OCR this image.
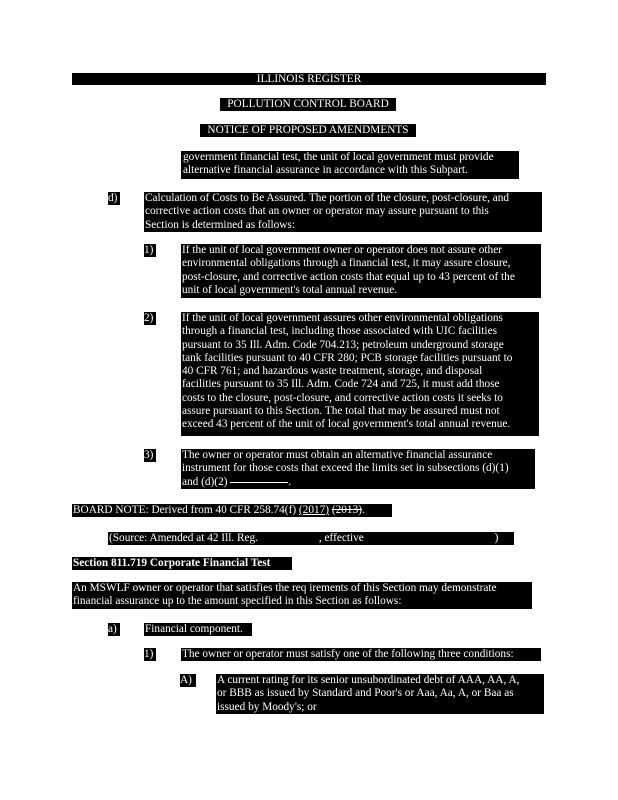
ILLINOIS REGISTER
POLLUTION CONTROL BOARD
NOTICE OF PROPOSED AMENDMENTS
government financial test, the unit of local government must provide
alternative financial assurance in accordance with this Subpart.
d) Calculation of Costs to Be Assured. The portion of the closure, post-closure, and
corrective action costs that an owner or operator may assure pursuant to this
Section is determined as follows:
1)	If the unit of local government owner or operator does not assure other
environmental obligations through a financial test, it may assure closure,
post-closure, and corrective action costs that equal up to 43 percent of the
unit of local government's total annual revenue.
2)	If the unit of local government assures other environmental obligations
through a financial test, including those associated with UIC facilities
pursuant to 35 Ill. Adm. Code 704.213; petroleum underground storage
tank facilities pursuant to 40 CFR 280; PCB storage facilities pursuant to
40 CFR 761; and hazardous waste treatment, storage, and disposal
facilities pursuant to 35 Ill. Adm. Code 724 and 725, it must add those
costs to the closure, post-closure, and corrective action costs it seeks to
assure pursuant to this Section. The total that may be assured must not
exceed 43 percent of the unit of local government's total annual revenue.
3)	The owner or operator must obtain an alternative financial assurance
instrument for those costs that exceed the limits set in subsections (d)(1)
and (d)(2)	.
BOARD NOTE: Derived from 40 CFR 258.74(f) (2017) (2013).
(Source: Amended at 42 Ill. Reg.	, effective	)
Section 811.719 Corporate Financial Test
An MSWLF owner or operator that satisfies the req irements of this Section may demonstrate
financial assurance up to the amount specified in this Section as follows:
a) Financial component.
1)	The owner or operator must satisfy one of the following three conditions:
A)	A current rating for its senior unsubordinated debt of AAA, AA, A,
or BBB as issued by Standard and Poor's or Aaa, Aa, A, or Baa as
issued by Moody's; or
